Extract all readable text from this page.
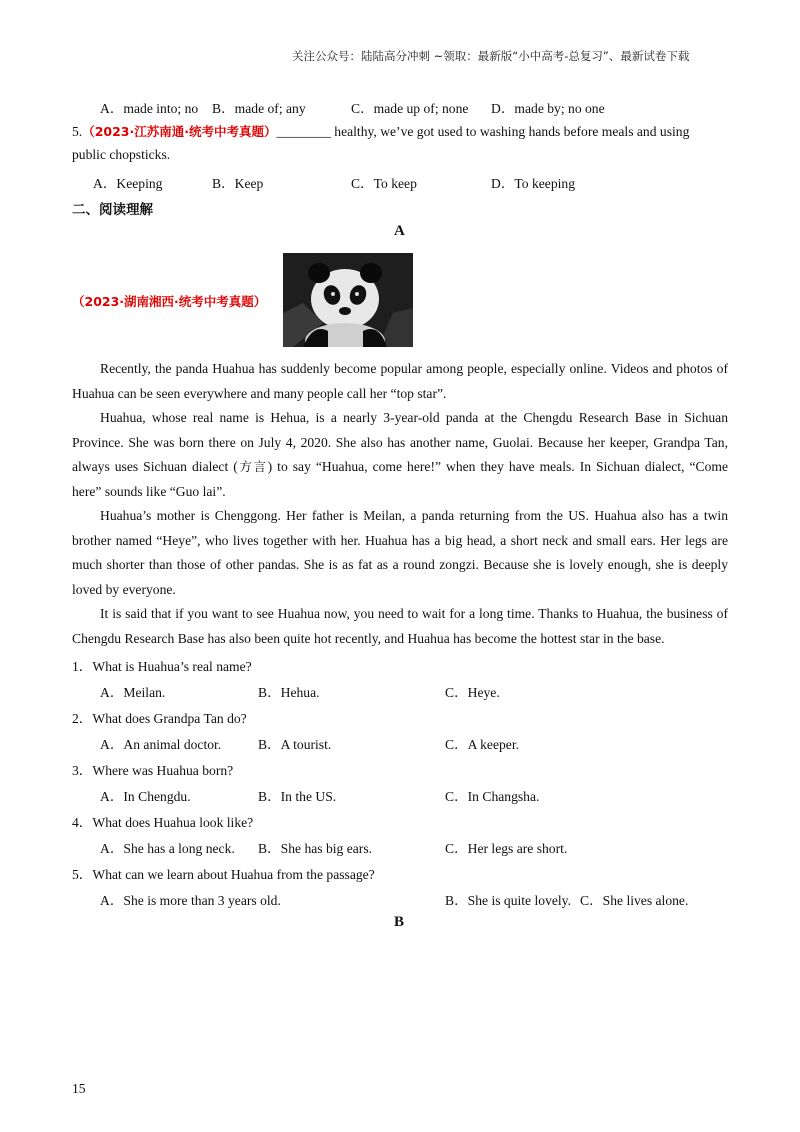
关注公众号：陆陆高分冲刺 ~领取：最新版“小中高考-总复习”、最新试卷下载
A．made into; no B．made of; any	C．made up of; none D．made by; no one
5.（2023·江苏南通·统考中考真题）________ healthy, we’ve got used to washing hands before meals and using
public chopsticks.
A．Keeping	B．Keep	C．To keep	D．To keeping
二、阅读理解
A
（2023·湖南湘西·统考中考真题）

Recently, the panda Huahua has suddenly become popular among people, especially online. Videos and photos of Huahua can be seen everywhere and many people call her “top star”.

Huahua, whose real name is Hehua, is a nearly 3-year-old panda at the Chengdu Research Base in Sichuan Province. She was born there on July 4, 2020. She also has another name, Guolai. Because her keeper, Grandpa Tan, always uses Sichuan dialect (方言) to say “Huahua, come here!” when they have meals. In Sichuan dialect, “Come here” sounds like “Guo lai”.

Huahua’s mother is Chenggong. Her father is Meilan, a panda returning from the US. Huahua also has a twin brother named “Heye”, who lives together with her. Huahua has a big head, a short neck and small ears. Her legs are much shorter than those of other pandas. She is as fat as a round zongzi. Because she is lovely enough, she is deeply loved by everyone.

It is said that if you want to see Huahua now, you need to wait for a long time. Thanks to Huahua, the business of Chengdu Research Base has also been quite hot recently, and Huahua has become the hottest star in the base.

1．What is Huahua’s real name?
A．Meilan.	B．Hehua.	C．Heye.
2．What does Grandpa Tan do?
A．An animal doctor.	B．A tourist.	C．A keeper.
3．Where was Huahua born?
A．In Chengdu.	B．In the US.	C．In Changsha.
4．What does Huahua look like?
A．She has a long neck. B．She has big ears.	C．Her legs are short.
5．What can we learn about Huahua from the passage?
A．She is more than 3 years old.	B．She is quite lovely. C．She lives alone.
B
15
